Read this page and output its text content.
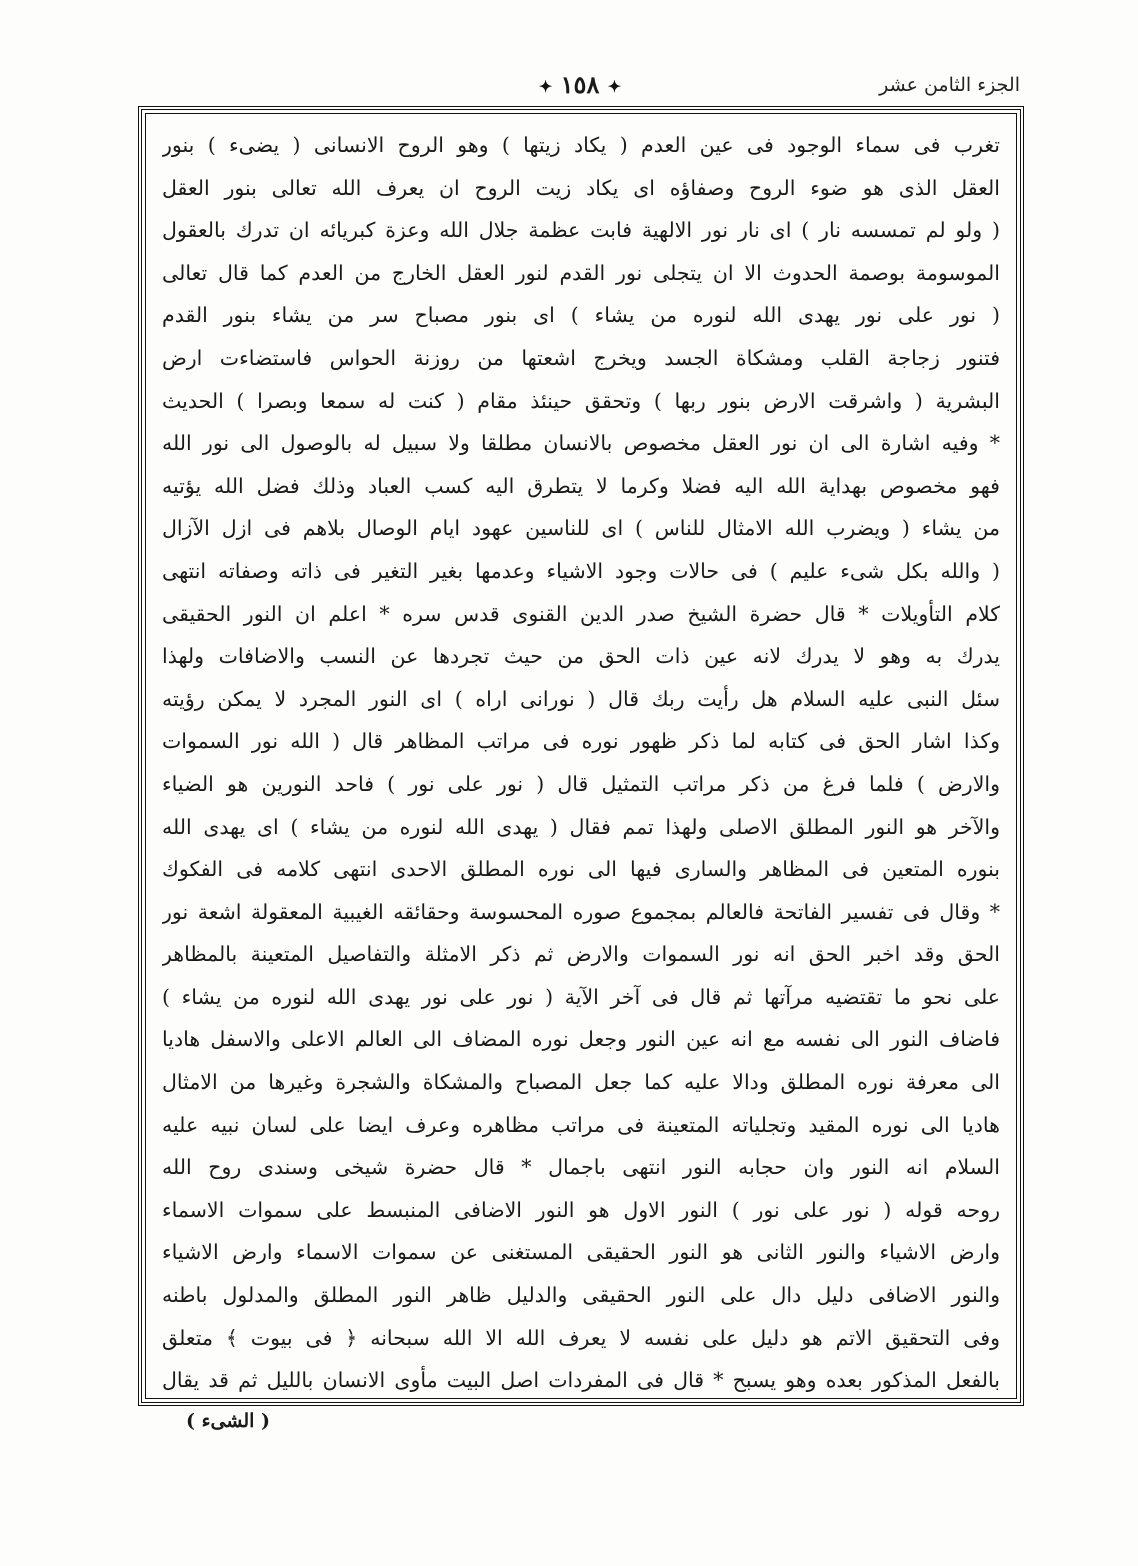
الجزء الثامن عشر
✦ ١٥٨ ✦
تغرب فی سماء الوجود فی عین العدم ( یكاد زیتها ) وهو الروح الانسانی ( یضیء ) بنور
العقل الذی هو ضوء الروح وصفاؤه ای یكاد زیت الروح ان یعرف الله تعالی بنور العقل
( ولو لم تمسسه نار ) ای نار نور الالهیة فابت عظمة جلال الله وعزة كبریائه ان تدرك بالعقول
الموسومة بوصمة الحدوث الا ان یتجلی نور القدم لنور العقل الخارج من العدم كما قال تعالی
( نور علی نور یهدی الله لنوره من یشاء ) ای بنور مصباح سر من یشاء بنور القدم
فتنور زجاجة القلب ومشكاة الجسد ویخرج اشعتها من روزنة الحواس فاستضاءت ارض
البشریة ( واشرقت الارض بنور ربها ) وتحقق حینئذ مقام ( كنت له سمعا وبصرا ) الحدیث
* وفیه اشارة الی ان نور العقل مخصوص بالانسان مطلقا ولا سبیل له بالوصول الی نور الله
فهو مخصوص بهدایة الله الیه فضلا وكرما لا یتطرق الیه كسب العباد وذلك فضل الله یؤتیه
من یشاء ( ویضرب الله الامثال للناس ) ای للناسین عهود ایام الوصال بلاهم فی ازل الآزال
( والله بكل شیء علیم ) فی حالات وجود الاشیاء وعدمها بغیر التغیر فی ذاته وصفاته انتهی
كلام التأویلات * قال حضرة الشیخ صدر الدین القنوی قدس سره * اعلم ان النور الحقیقی
یدرك به وهو لا یدرك لانه عین ذات الحق من حیث تجردها عن النسب والاضافات ولهذا
سئل النبی علیه السلام هل رأیت ربك قال ( نورانی اراه ) ای النور المجرد لا یمكن رؤیته
وكذا اشار الحق فی كتابه لما ذكر ظهور نوره فی مراتب المظاهر قال ( الله نور السموات
والارض ) فلما فرغ من ذكر مراتب التمثیل قال ( نور علی نور ) فاحد النورین هو الضیاء
والآخر هو النور المطلق الاصلی ولهذا تمم فقال ( یهدی الله لنوره من یشاء ) ای یهدی الله
بنوره المتعین فی المظاهر والساری فیها الی نوره المطلق الاحدی انتهی كلامه فی الفكوك
* وقال فی تفسیر الفاتحة فالعالم بمجموع صوره المحسوسة وحقائقه الغیبیة المعقولة اشعة نور
الحق وقد اخبر الحق انه نور السموات والارض ثم ذكر الامثلة والتفاصیل المتعینة بالمظاهر
علی نحو ما تقتضیه مرآتها ثم قال فی آخر الآیة ( نور علی نور یهدی الله لنوره من یشاء )
فاضاف النور الی نفسه مع انه عین النور وجعل نوره المضاف الی العالم الاعلی والاسفل هادیا
الی معرفة نوره المطلق ودالا علیه كما جعل المصباح والمشكاة والشجرة وغیرها من الامثال
هادیا الی نوره المقید وتجلیاته المتعینة فی مراتب مظاهره وعرف ایضا علی لسان نبیه علیه
السلام انه النور وان حجابه النور انتهی باجمال * قال حضرة شیخی وسندی روح الله
روحه قوله ( نور علی نور ) النور الاول هو النور الاضافی المنبسط علی سموات الاسماء
وارض الاشیاء والنور الثانی هو النور الحقیقی المستغنی عن سموات الاسماء وارض الاشیاء
والنور الاضافی دلیل دال علی النور الحقیقی والدلیل ظاهر النور المطلق والمدلول باطنه
وفی التحقیق الاتم هو دلیل علی نفسه لا یعرف الله الا الله سبحانه ﴿ فی بیوت ﴾ متعلق
بالفعل المذكور بعده وهو یسبح * قال فی المفردات اصل البیت مأوی الانسان باللیل ثم قد یقال
( الشیء )
